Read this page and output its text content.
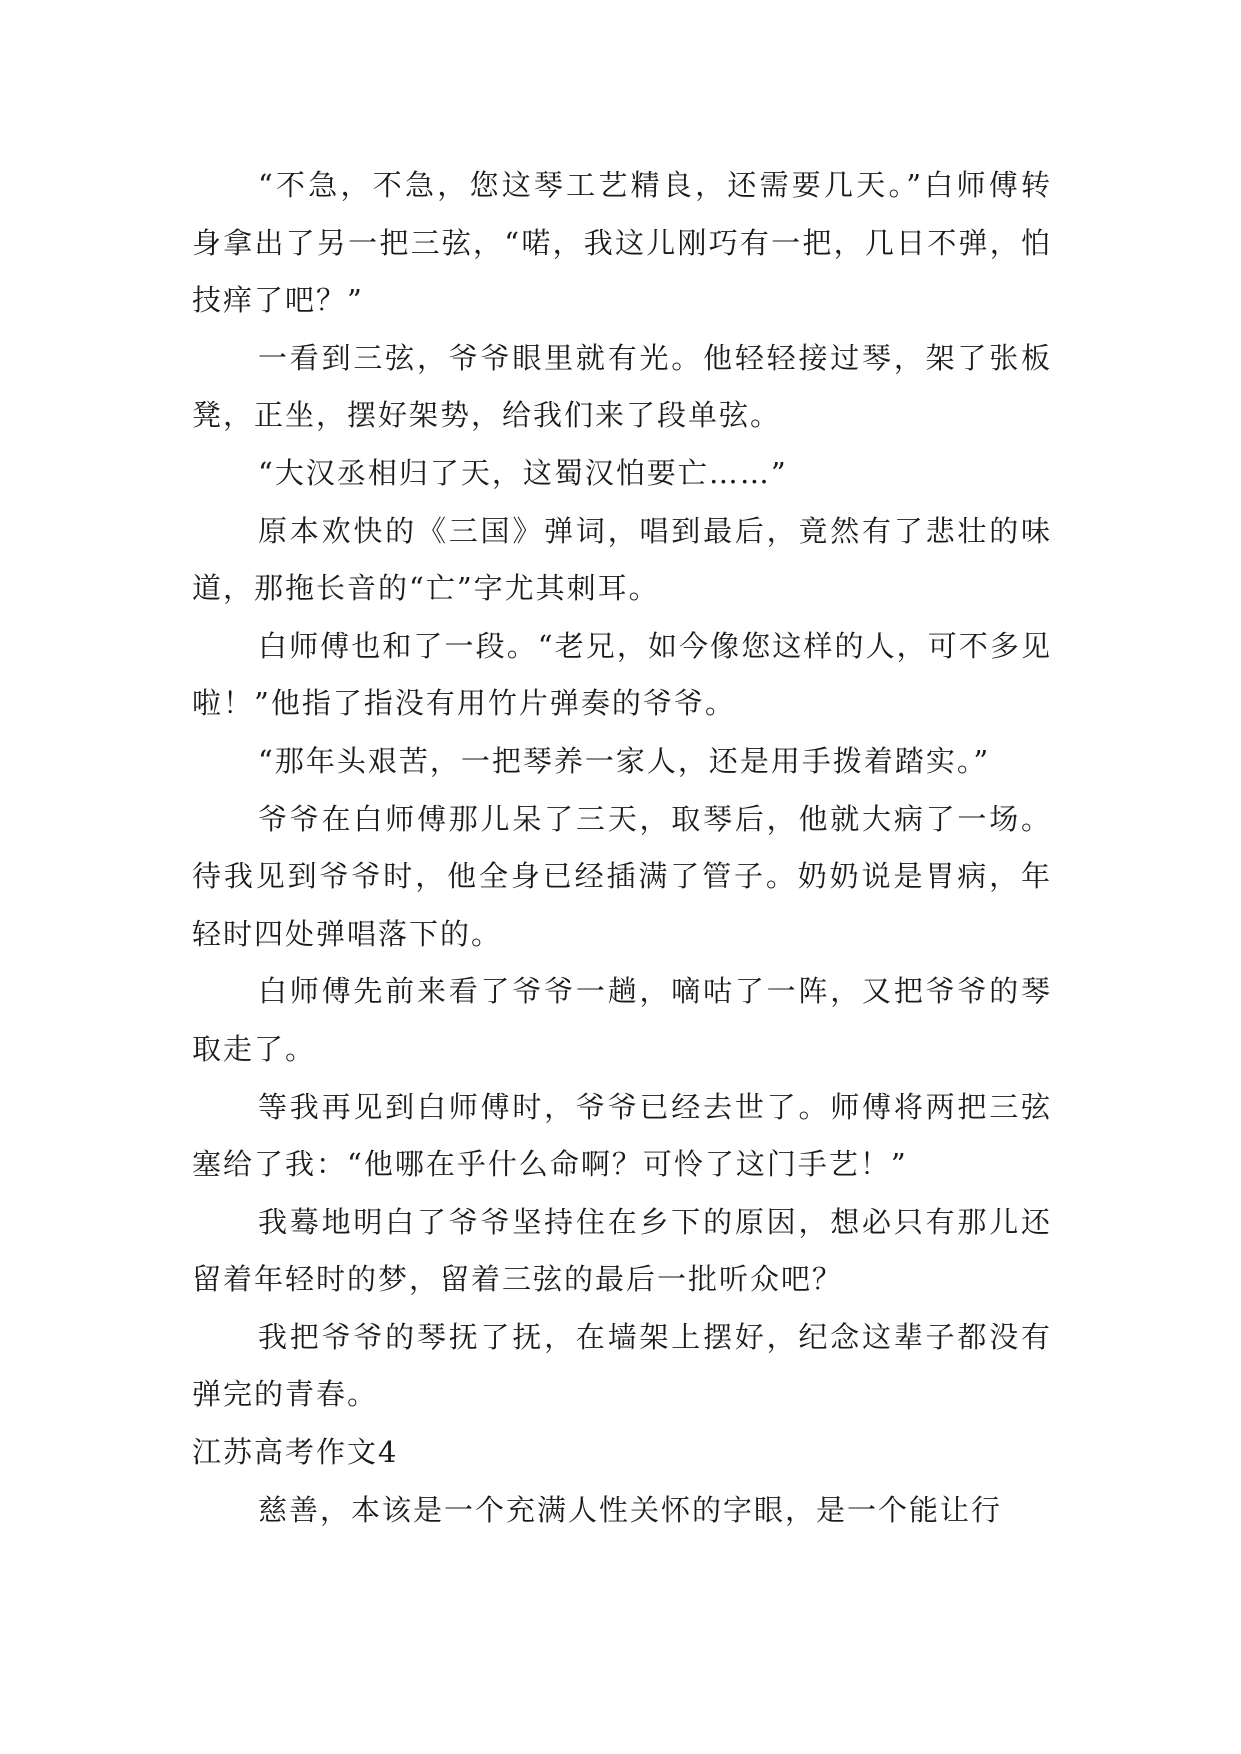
“不急，不急，您这琴工艺精良，还需要几天。”白师傅转身拿出了另一把三弦，“喏，我这儿刚巧有一把，几日不弹，怕技痒了吧？”

一看到三弦，爷爷眼里就有光。他轻轻接过琴，架了张板凳，正坐，摆好架势，给我们来了段单弦。

“大汉丞相归了天，这蜀汉怕要亡……”

原本欢快的《三国》弹词，唱到最后，竟然有了悲壮的味道，那拖长音的“亡”字尤其刺耳。

白师傅也和了一段。“老兄，如今像您这样的人，可不多见啦！”他指了指没有用竹片弹奏的爷爷。

“那年头艰苦，一把琴养一家人，还是用手拨着踏实。”

爷爷在白师傅那儿呆了三天，取琴后，他就大病了一场。待我见到爷爷时，他全身已经插满了管子。奶奶说是胃病，年轻时四处弹唱落下的。

白师傅先前来看了爷爷一趟，嘀咕了一阵，又把爷爷的琴取走了。

等我再见到白师傅时，爷爷已经去世了。师傅将两把三弦塞给了我：“他哪在乎什么命啊？可怜了这门手艺！”

我蓦地明白了爷爷坚持住在乡下的原因，想必只有那儿还留着年轻时的梦，留着三弦的最后一批听众吧？

我把爷爷的琴抚了抚，在墙架上摆好，纪念这辈子都没有弹完的青春。

江苏高考作文4

慈善，本该是一个充满人性关怀的字眼，是一个能让行
